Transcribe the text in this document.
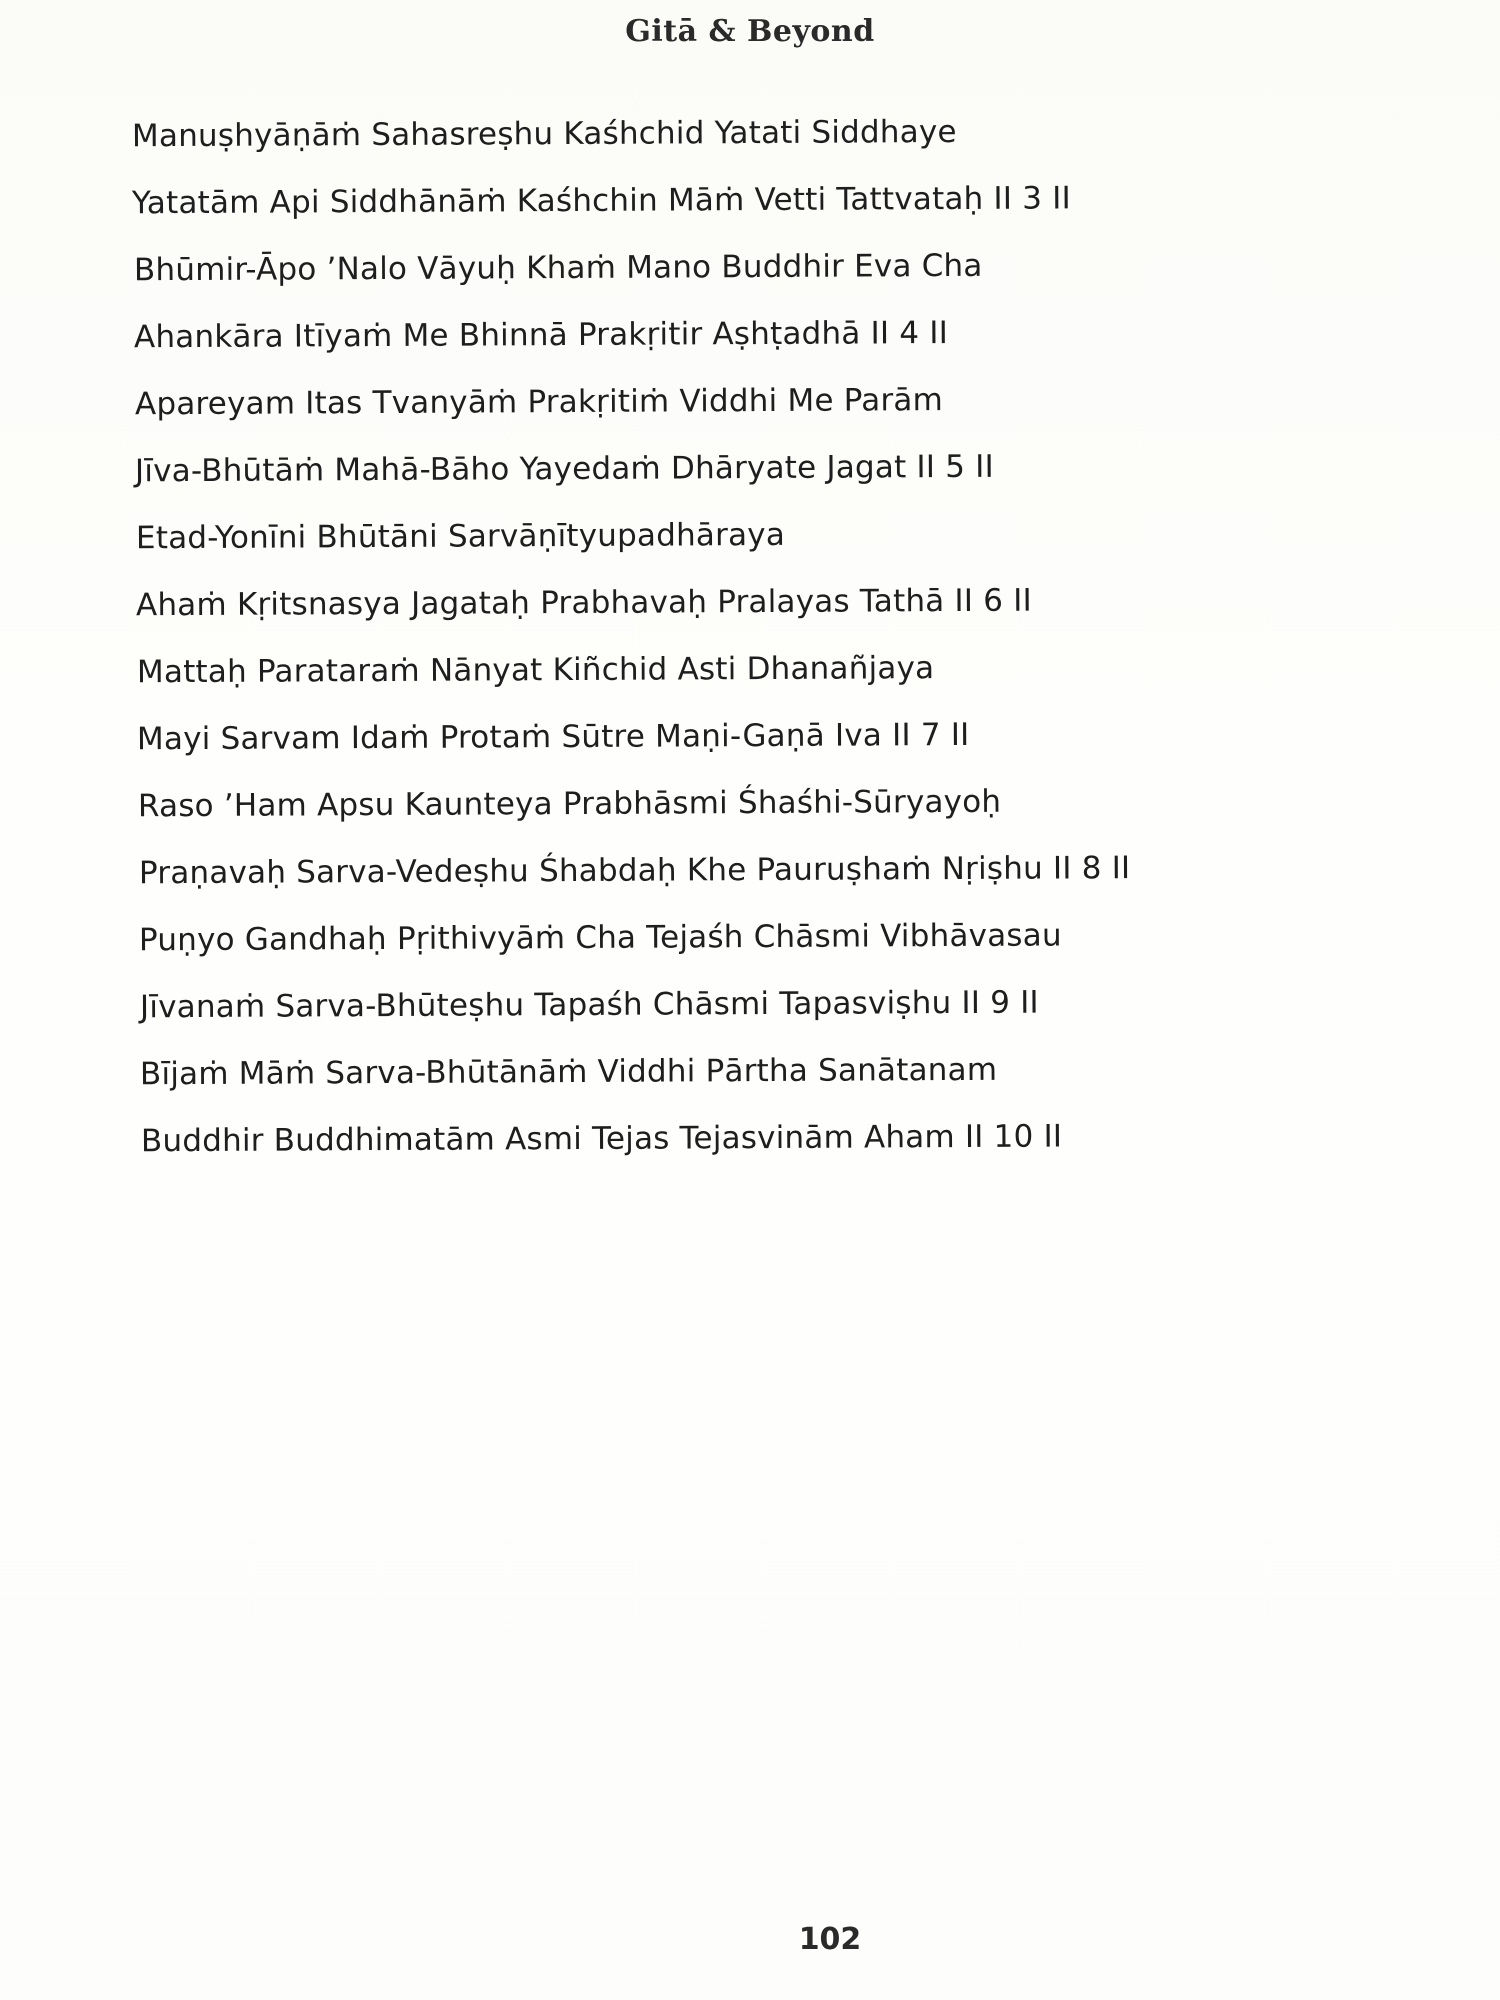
Gitā & Beyond
Manuṣhyāṇāṁ Sahasreṣhu Kaśhchid Yatati Siddhaye
Yatatām Api Siddhānāṁ Kaśhchin Māṁ Vetti Tattvataḥ II 3 II
Bhūmir-Āpo ’Nalo Vāyuḥ Khaṁ Mano Buddhir Eva Cha
Ahankāra Itīyaṁ Me Bhinnā Prakṛitir Aṣhṭadhā II 4 II
Apareyam Itas Tvanyāṁ Prakṛitiṁ Viddhi Me Parām
Jīva-Bhūtāṁ Mahā-Bāho Yayedaṁ Dhāryate Jagat II 5 II
Etad-Yonīni Bhūtāni Sarvāṇītyupadhāraya
Ahaṁ Kṛitsnasya Jagataḥ Prabhavaḥ Pralayas Tathā II 6 II
Mattaḥ Parataraṁ Nānyat Kiñchid Asti Dhanañjaya
Mayi Sarvam Idaṁ Protaṁ Sūtre Maṇi-Gaṇā Iva II 7 II
Raso ’Ham Apsu Kaunteya Prabhāsmi Śhaśhi-Sūryayoḥ
Praṇavaḥ Sarva-Vedeṣhu Śhabdaḥ Khe Pauruṣhaṁ Nṛiṣhu II 8 II
Puṇyo Gandhaḥ Pṛithivyāṁ Cha Tejaśh Chāsmi Vibhāvasau
Jīvanaṁ Sarva-Bhūteṣhu Tapaśh Chāsmi Tapasviṣhu II 9 II
Bījaṁ Māṁ Sarva-Bhūtānāṁ Viddhi Pārtha Sanātanam
Buddhir Buddhimatām Asmi Tejas Tejasvinām Aham II 10 II
102
